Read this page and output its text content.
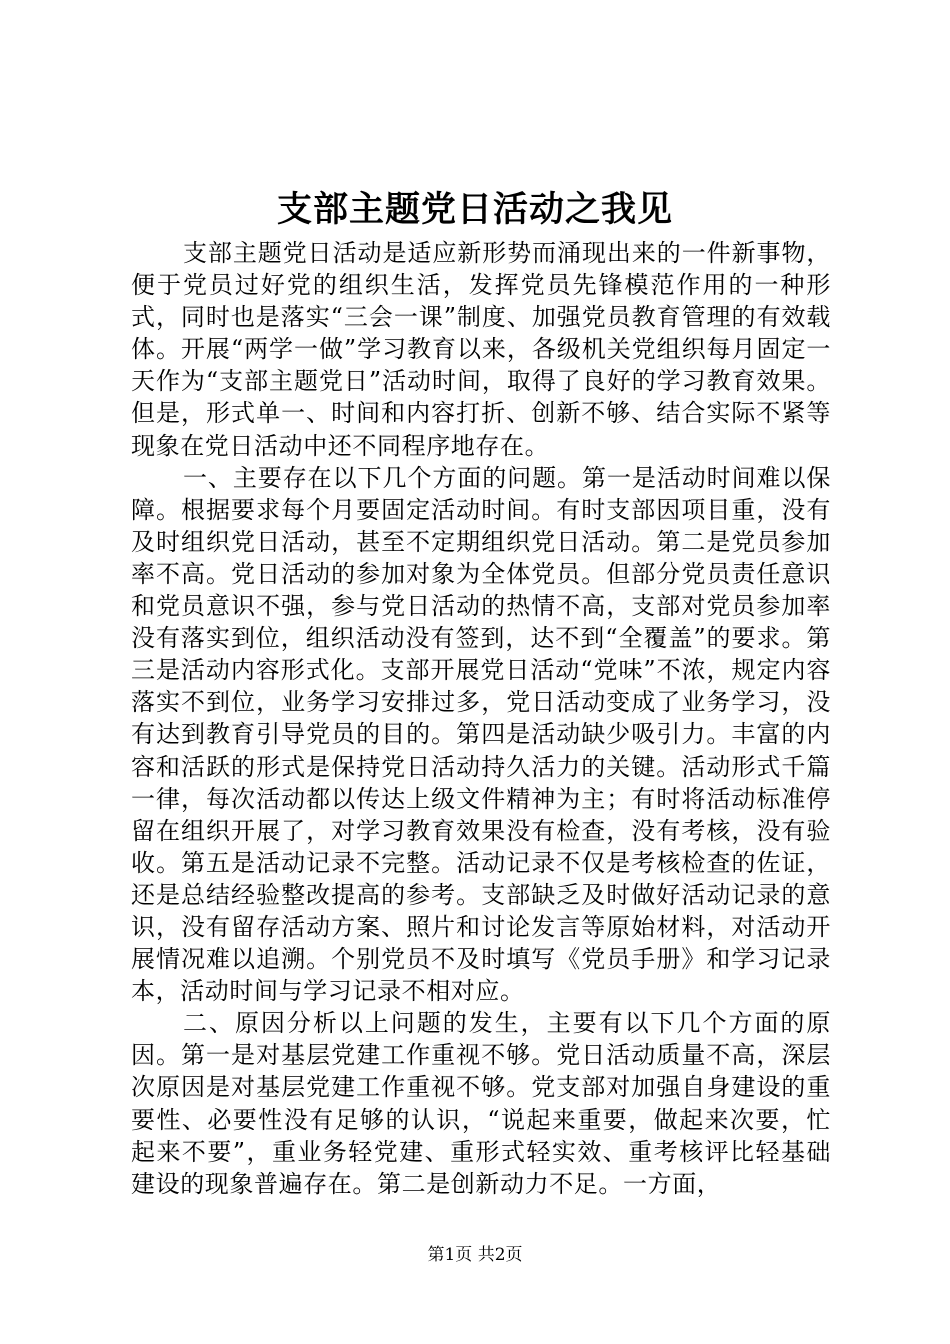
支部主题党日活动之我见

支部主题党日活动是适应新形势而涌现出来的一件新事物，便于党员过好党的组织生活，发挥党员先锋模范作用的一种形式，同时也是落实“三会一课”制度、加强党员教育管理的有效载体。开展“两学一做”学习教育以来，各级机关党组织每月固定一天作为“支部主题党日”活动时间，取得了良好的学习教育效果。但是，形式单一、时间和内容打折、创新不够、结合实际不紧等现象在党日活动中还不同程序地存在。

一、主要存在以下几个方面的问题。第一是活动时间难以保障。根据要求每个月要固定活动时间。有时支部因项目重，没有及时组织党日活动，甚至不定期组织党日活动。第二是党员参加率不高。党日活动的参加对象为全体党员。但部分党员责任意识和党员意识不强，参与党日活动的热情不高，支部对党员参加率没有落实到位，组织活动没有签到，达不到“全覆盖”的要求。第三是活动内容形式化。支部开展党日活动“党味”不浓，规定内容落实不到位，业务学习安排过多，党日活动变成了业务学习，没有达到教育引导党员的目的。第四是活动缺少吸引力。丰富的内容和活跃的形式是保持党日活动持久活力的关键。活动形式千篇一律，每次活动都以传达上级文件精神为主；有时将活动标准停留在组织开展了，对学习教育效果没有检查，没有考核，没有验收。第五是活动记录不完整。活动记录不仅是考核检查的佐证，还是总结经验整改提高的参考。支部缺乏及时做好活动记录的意识，没有留存活动方案、照片和讨论发言等原始材料，对活动开展情况难以追溯。个别党员不及时填写《党员手册》和学习记录本，活动时间与学习记录不相对应。

二、原因分析以上问题的发生，主要有以下几个方面的原因。第一是对基层党建工作重视不够。党日活动质量不高，深层次原因是对基层党建工作重视不够。党支部对加强自身建设的重要性、必要性没有足够的认识，“说起来重要，做起来次要，忙起来不要”，重业务轻党建、重形式轻实效、重考核评比轻基础建设的现象普遍存在。第二是创新动力不足。一方面，

第1页 共2页
